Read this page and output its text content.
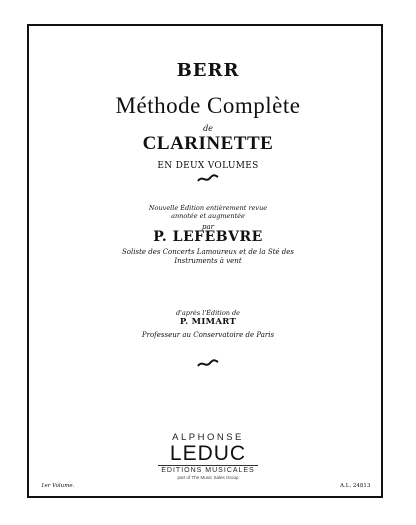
BERR
Méthode Complète
de
CLARINETTE
EN DEUX VOLUMES
Nouvelle Édition entièrement revue
annotée et augmentée
par
P. LEFEBVRE
Soliste des Concerts Lamoureux et de la Sté des
Instruments à vent
d'après l'Édition de
P. MIMART
Professeur au Conservatoire de Paris
ALPHONSE
LEDUC
ÉDITIONS MUSICALES
part of The Music Sales Group
1er Volume.	A.L. 24813
